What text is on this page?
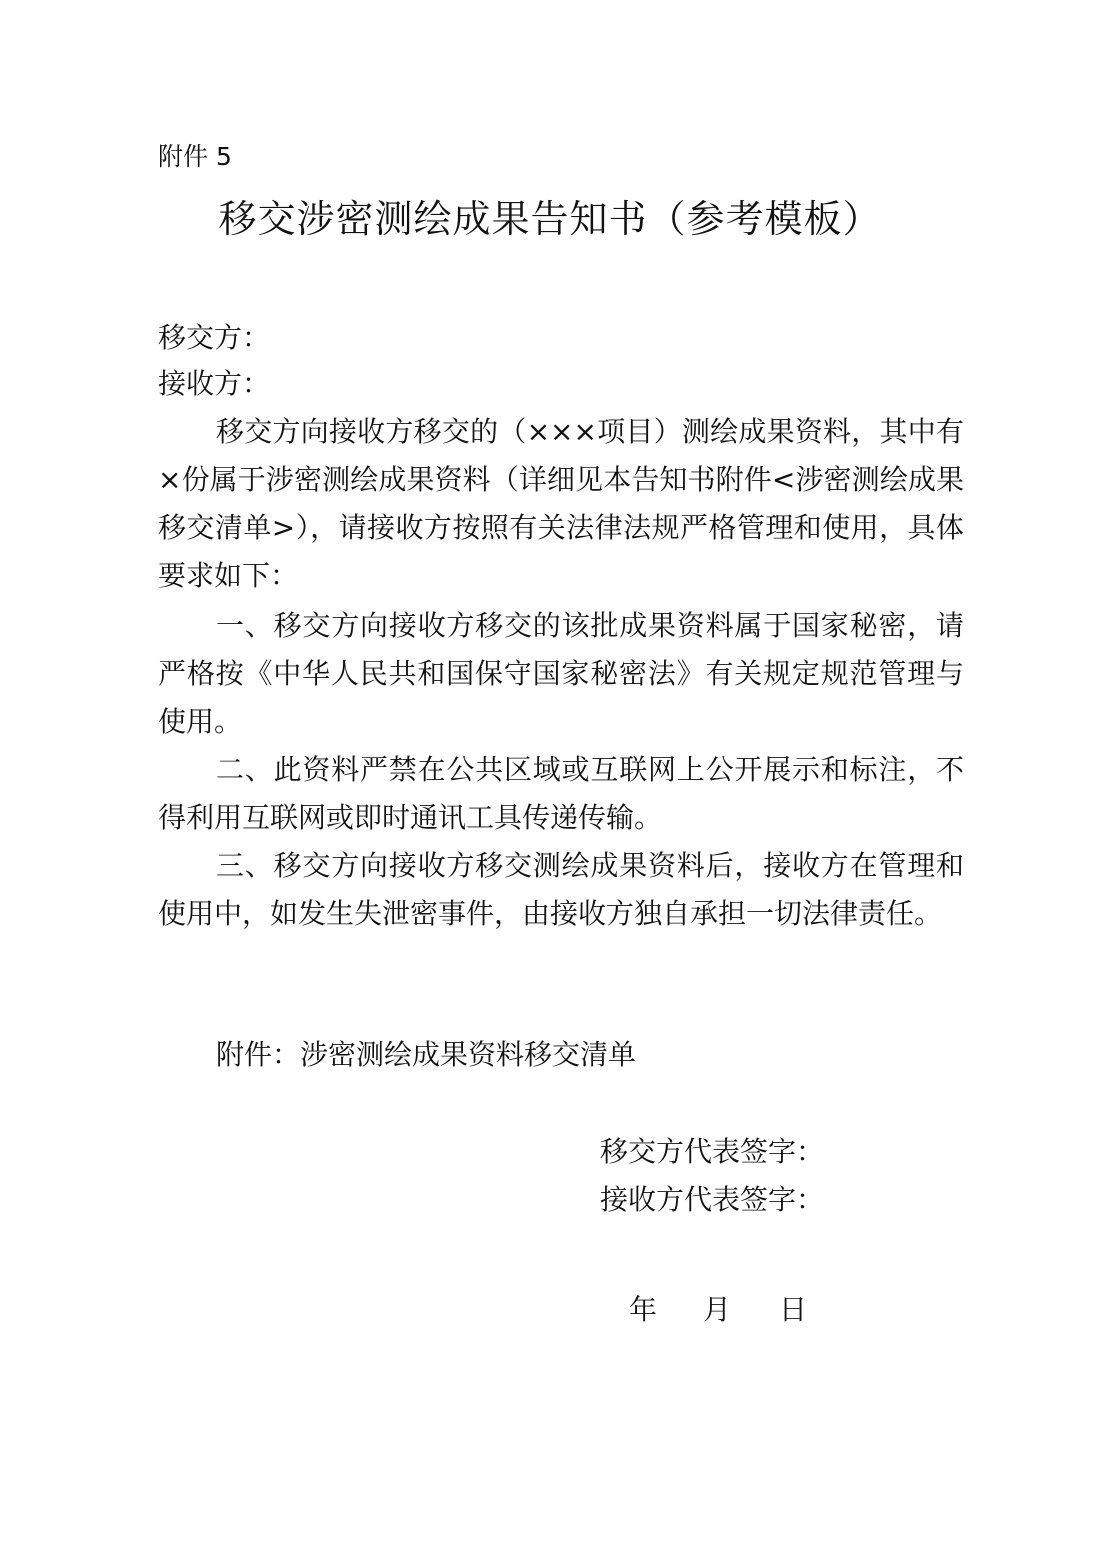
附件 5
移交涉密测绘成果告知书（参考模板）
移交方：
接收方：

移交方向接收方移交的（×××项目）测绘成果资料，其中有×份属于涉密测绘成果资料（详细见本告知书附件<涉密测绘成果移交清单>），请接收方按照有关法律法规严格管理和使用，具体要求如下：

一、移交方向接收方移交的该批成果资料属于国家秘密，请严格按《中华人民共和国保守国家秘密法》有关规定规范管理与使用。

二、此资料严禁在公共区域或互联网上公开展示和标注，不得利用互联网或即时通讯工具传递传输。

三、移交方向接收方移交测绘成果资料后，接收方在管理和使用中，如发生失泄密事件，由接收方独自承担一切法律责任。

附件：涉密测绘成果资料移交清单
移交方代表签字：
接收方代表签字：
年 月 日
